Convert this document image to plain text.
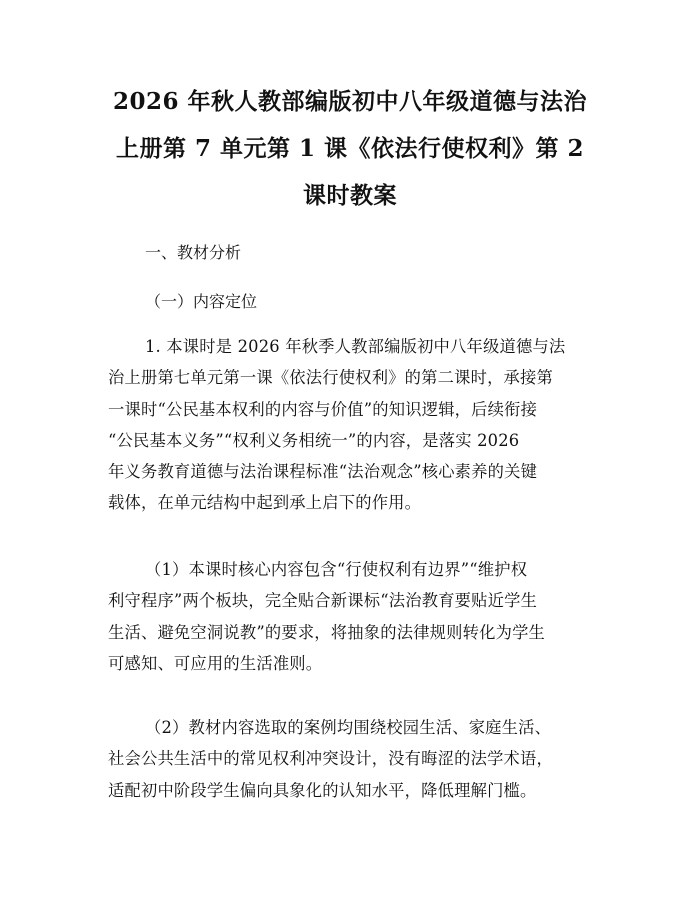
2026 年秋人教部编版初中八年级道德与法治
上册第 7 单元第 1 课《依法行使权利》第 2
课时教案
一、教材分析
（一）内容定位
1. 本课时是 2026 年秋季人教部编版初中八年级道德与法
治上册第七单元第一课《依法行使权利》的第二课时，承接第
一课时“公民基本权利的内容与价值”的知识逻辑，后续衔接
“公民基本义务”“权利义务相统一”的内容，是落实 2026
年义务教育道德与法治课程标准“法治观念”核心素养的关键
载体，在单元结构中起到承上启下的作用。
（1）本课时核心内容包含“行使权利有边界”“维护权
利守程序”两个板块，完全贴合新课标“法治教育要贴近学生
生活、避免空洞说教”的要求，将抽象的法律规则转化为学生
可感知、可应用的生活准则。
（2）教材内容选取的案例均围绕校园生活、家庭生活、
社会公共生活中的常见权利冲突设计，没有晦涩的法学术语，
适配初中阶段学生偏向具象化的认知水平，降低理解门槛。
